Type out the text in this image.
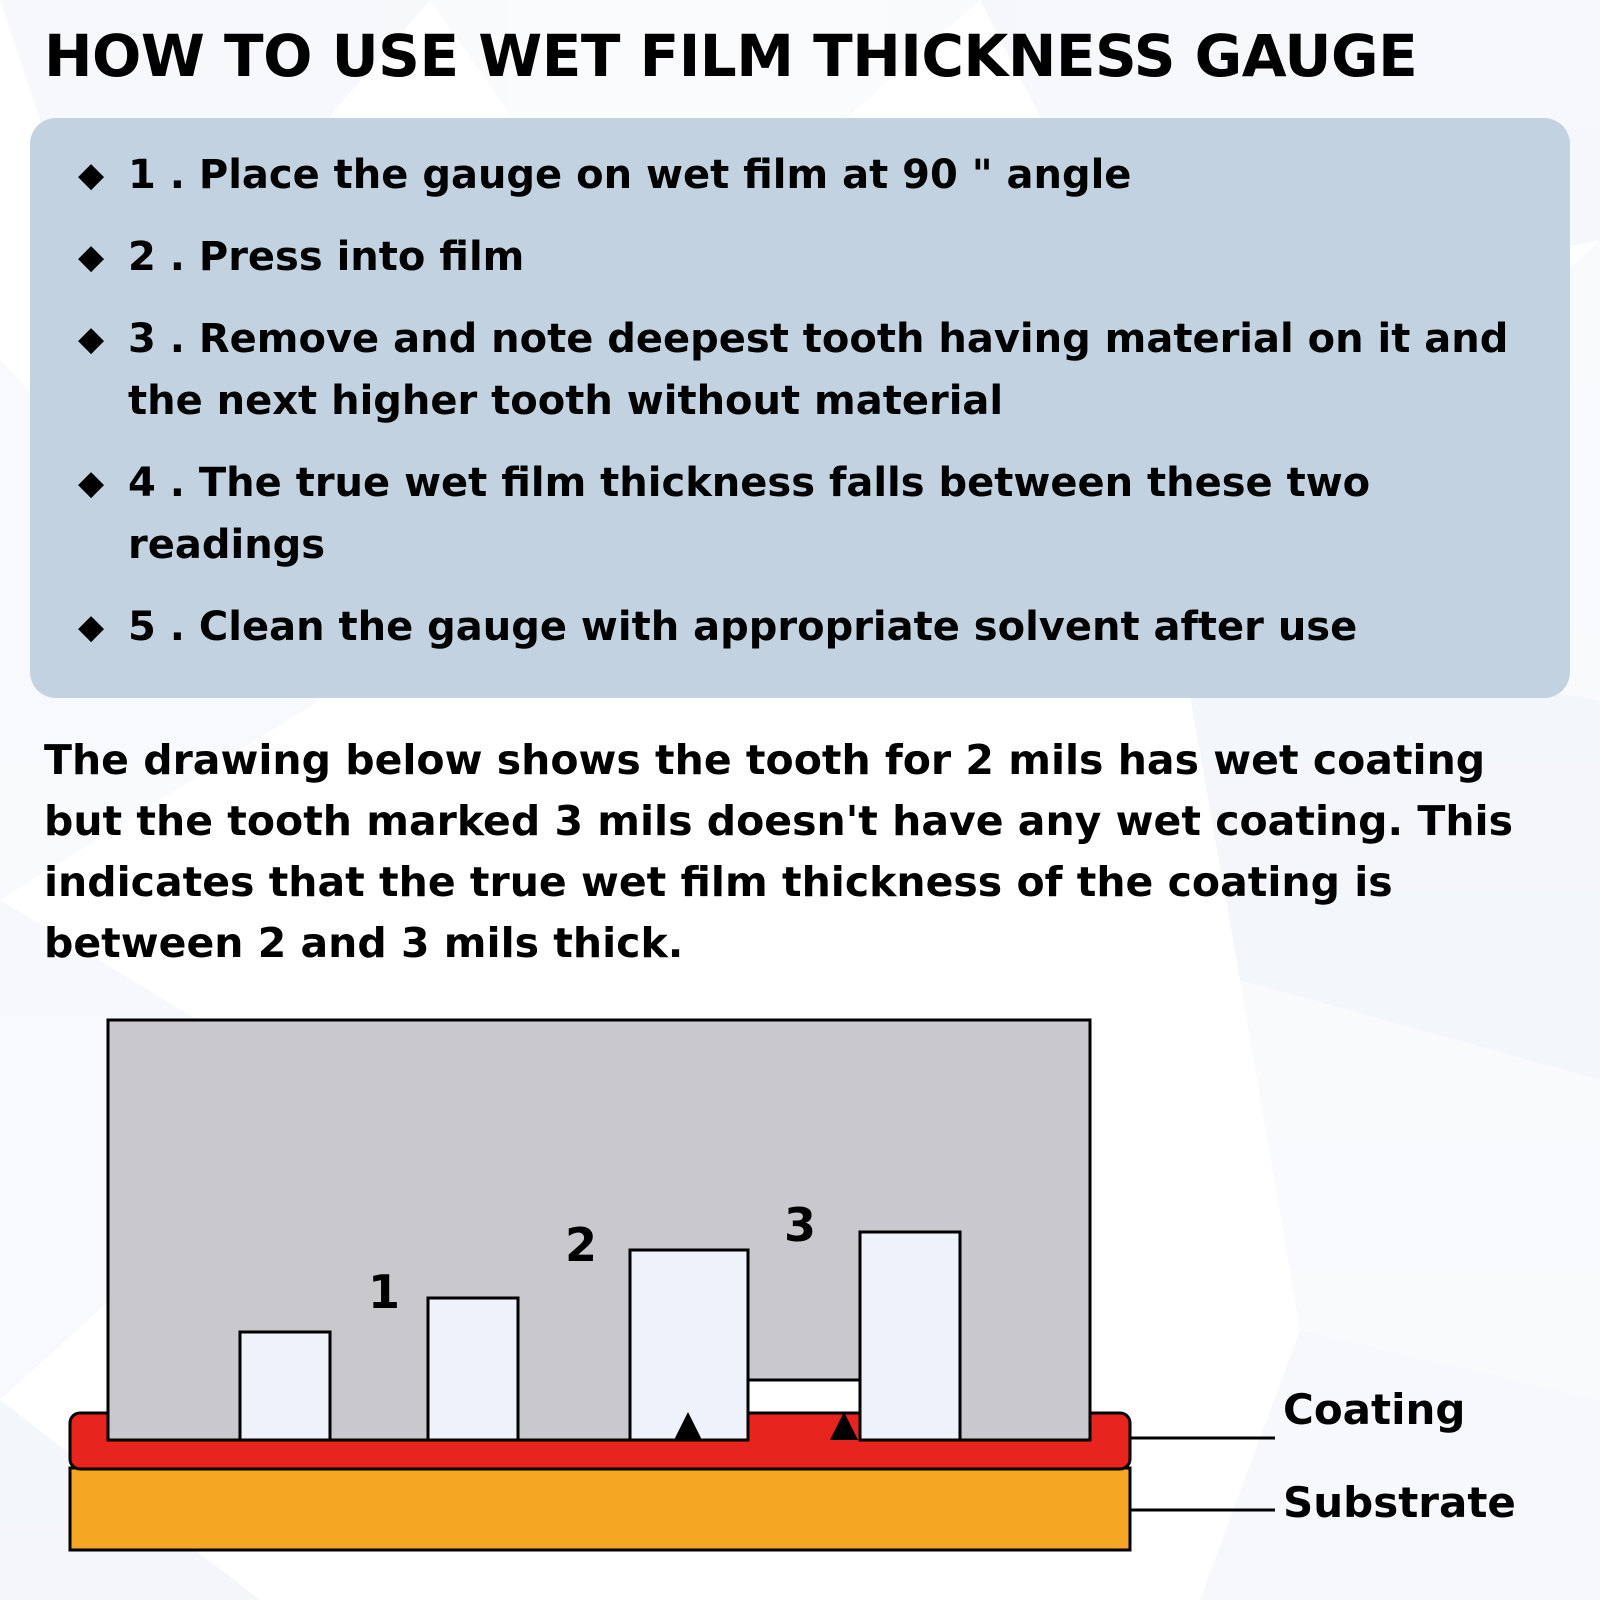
HOW TO USE WET FILM THICKNESS GAUGE
◆ 1 . Place the gauge on wet film at 90 " angle
◆ 2 . Press into film
◆ 3 . Remove and note deepest tooth having material on it and the next higher tooth without material
◆ 4 . The true wet film thickness falls between these two readings
◆ 5 . Clean the gauge with appropriate solvent after use
The drawing below shows the tooth for 2 mils has wet coating but the tooth marked 3 mils doesn't have any wet coating. This indicates that the true wet film thickness of the coating is between 2 and 3 mils thick.
1
2	3
Coating
Substrate
